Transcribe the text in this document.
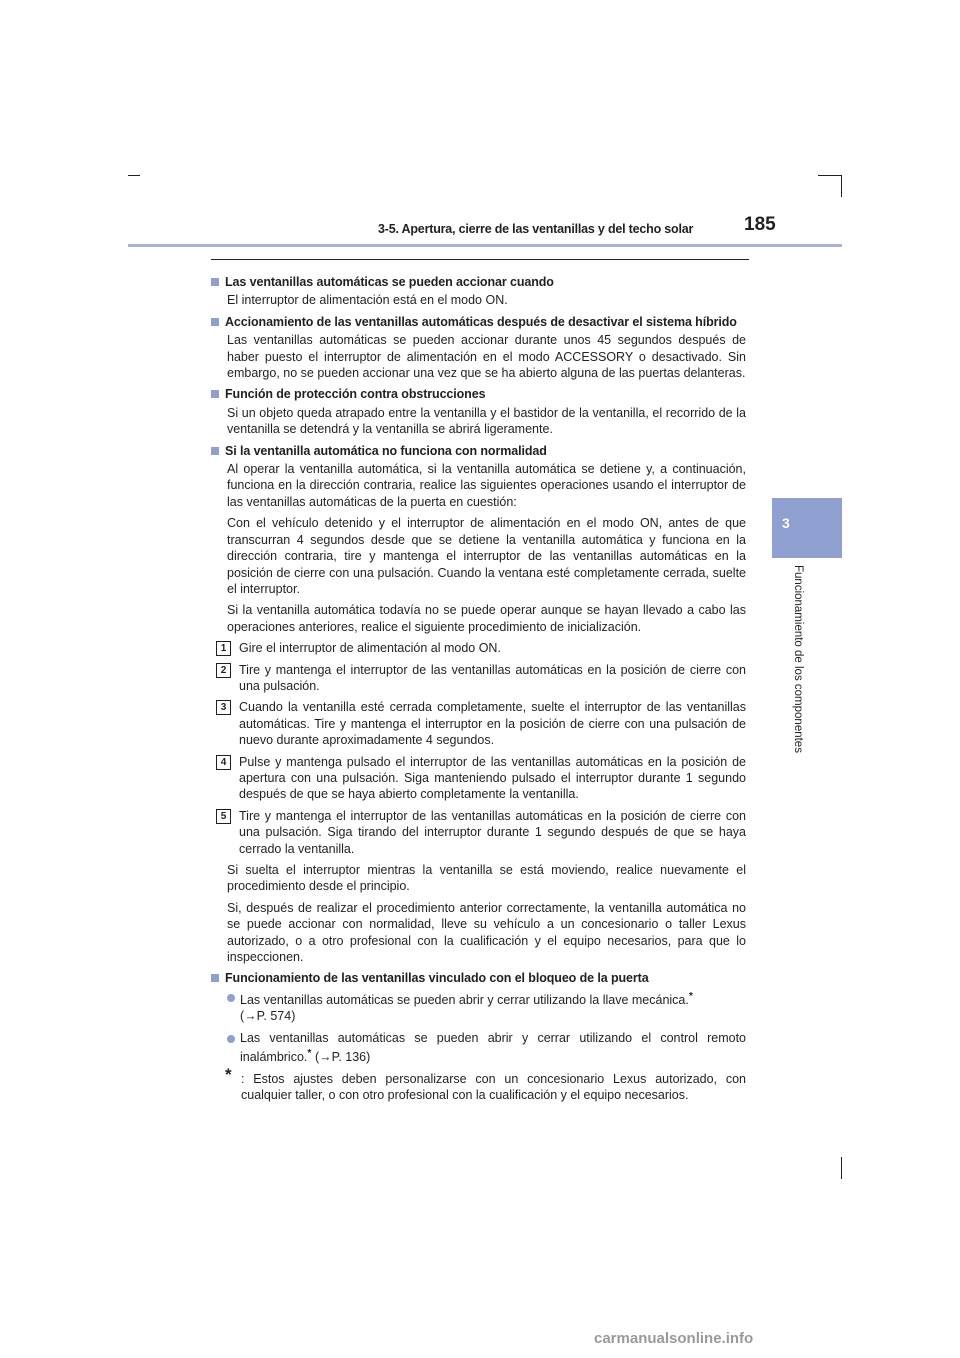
3-5. Apertura, cierre de las ventanillas y del techo solar	185
3
Funcionamiento de los componentes
Las ventanillas automáticas se pueden accionar cuando

El interruptor de alimentación está en el modo ON.

Accionamiento de las ventanillas automáticas después de desactivar el sistema híbrido

Las ventanillas automáticas se pueden accionar durante unos 45 segundos después de haber puesto el interruptor de alimentación en el modo ACCESSORY o desactivado. Sin embargo, no se pueden accionar una vez que se ha abierto alguna de las puertas delanteras.

Función de protección contra obstrucciones

Si un objeto queda atrapado entre la ventanilla y el bastidor de la ventanilla, el recorrido de la ventanilla se detendrá y la ventanilla se abrirá ligeramente.

Si la ventanilla automática no funciona con normalidad

Al operar la ventanilla automática, si la ventanilla automática se detiene y, a continuación, funciona en la dirección contraria, realice las siguientes operaciones usando el interruptor de las ventanillas automáticas de la puerta en cuestión:

Con el vehículo detenido y el interruptor de alimentación en el modo ON, antes de que transcurran 4 segundos desde que se detiene la ventanilla automática y funciona en la dirección contraria, tire y mantenga el interruptor de las ventanillas automáticas en la posición de cierre con una pulsación. Cuando la ventana esté completamente cerrada, suelte el interruptor.

Si la ventanilla automática todavía no se puede operar aunque se hayan llevado a cabo las operaciones anteriores, realice el siguiente procedimiento de inicialización.

1	Gire el interruptor de alimentación al modo ON.
2	Tire y mantenga el interruptor de las ventanillas automáticas en la posición de cierre con una pulsación.
3	Cuando la ventanilla esté cerrada completamente, suelte el interruptor de las ventanillas automáticas. Tire y mantenga el interruptor en la posición de cierre con una pulsación de nuevo durante aproximadamente 4 segundos.
4	Pulse y mantenga pulsado el interruptor de las ventanillas automáticas en la posición de apertura con una pulsación. Siga manteniendo pulsado el interruptor durante 1 segundo después de que se haya abierto completamente la ventanilla.
5	Tire y mantenga el interruptor de las ventanillas automáticas en la posición de cierre con una pulsación. Siga tirando del interruptor durante 1 segundo después de que se haya cerrado la ventanilla.

Si suelta el interruptor mientras la ventanilla se está moviendo, realice nuevamente el procedimiento desde el principio.

Si, después de realizar el procedimiento anterior correctamente, la ventanilla automática no se puede accionar con normalidad, lleve su vehículo a un concesionario o taller Lexus autorizado, o a otro profesional con la cualificación y el equipo necesarios, para que lo inspeccionen.

Funcionamiento de las ventanillas vinculado con el bloqueo de la puerta
Las ventanillas automáticas se pueden abrir y cerrar utilizando la llave mecánica.*
(→P. 574)
Las ventanillas automáticas se pueden abrir y cerrar utilizando el control remoto inalámbrico.* (→P. 136)
* : Estos ajustes deben personalizarse con un concesionario Lexus autorizado, con cualquier taller, o con otro profesional con la cualificación y el equipo necesarios.
carmanualsonline.info
